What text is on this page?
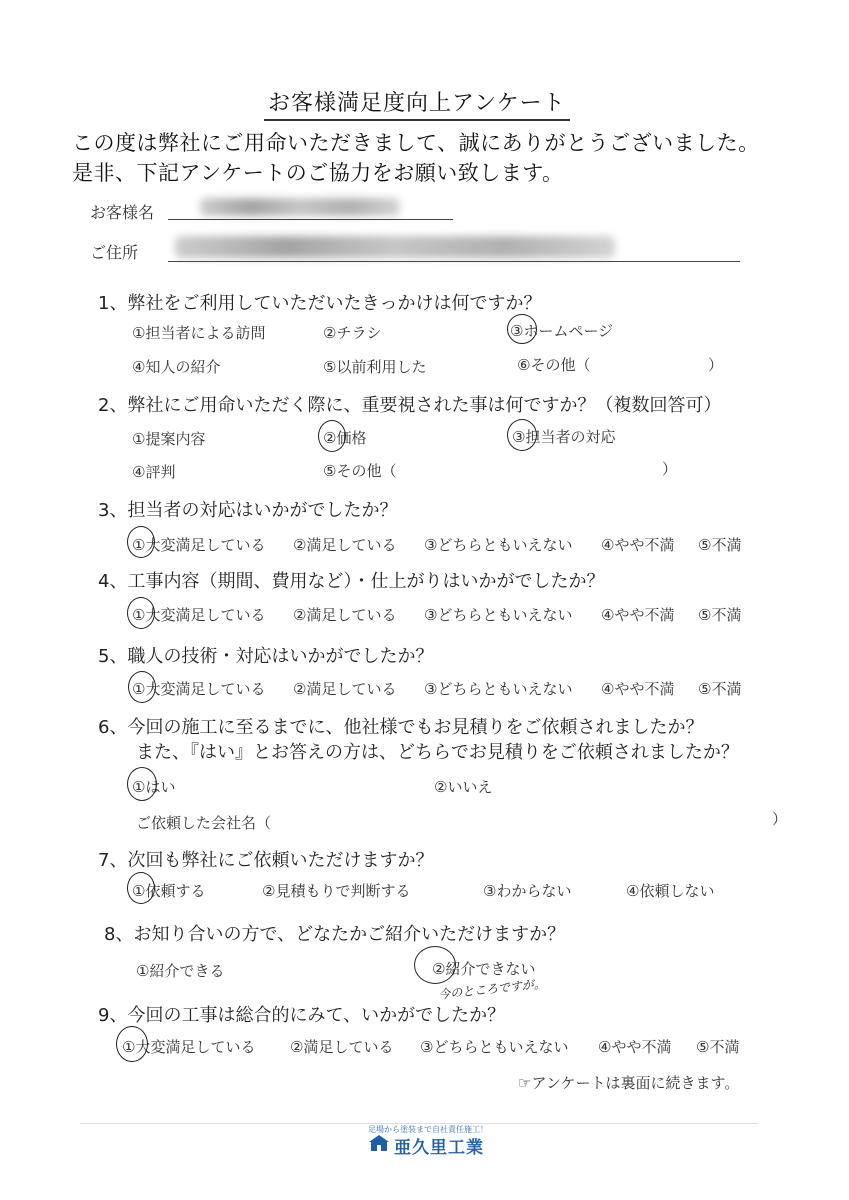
お客様満足度向上アンケート
この度は弊社にご用命いただきまして、誠にありがとうございました。
是非、下記アンケートのご協力をお願い致します。
お客様名
ご住所
1、弊社をご利用していただいたきっかけは何ですか？
①担当者による訪問	②チラシ	③ホームページ
④知人の紹介	⑤以前利用した	⑥その他（	）
2、弊社にご用命いただく際に、重要視された事は何ですか？（複数回答可）
①提案内容	②価格	③担当者の対応
④評判	⑤その他（	）
3、担当者の対応はいかがでしたか？
①大変満足している ②満足している ③どちらともいえない ④やや不満 ⑤不満
4、工事内容（期間、費用など）・仕上がりはいかがでしたか？
①大変満足している ②満足している ③どちらともいえない ④やや不満 ⑤不満
5、職人の技術・対応はいかがでしたか？
①大変満足している ②満足している ③どちらともいえない ④やや不満 ⑤不満
6、今回の施工に至るまでに、他社様でもお見積りをご依頼されましたか？
また、『はい』とお答えの方は、どちらでお見積りをご依頼されましたか？
①はい	②いいえ
ご依頼した会社名（	）
7、次回も弊社にご依頼いただけますか？
①依頼する	②見積もりで判断する	③わからない	④依頼しない
8、お知り合いの方で、どなたかご紹介いただけますか？
①紹介できる	②紹介できない
今のところですが。
9、今回の工事は総合的にみて、いかがでしたか？
①大変満足している ②満足している ③どちらともいえない ④やや不満 ⑤不満
☞アンケートは裏面に続きます。
足場から塗装まで自社責任施工！
亜久里工業
